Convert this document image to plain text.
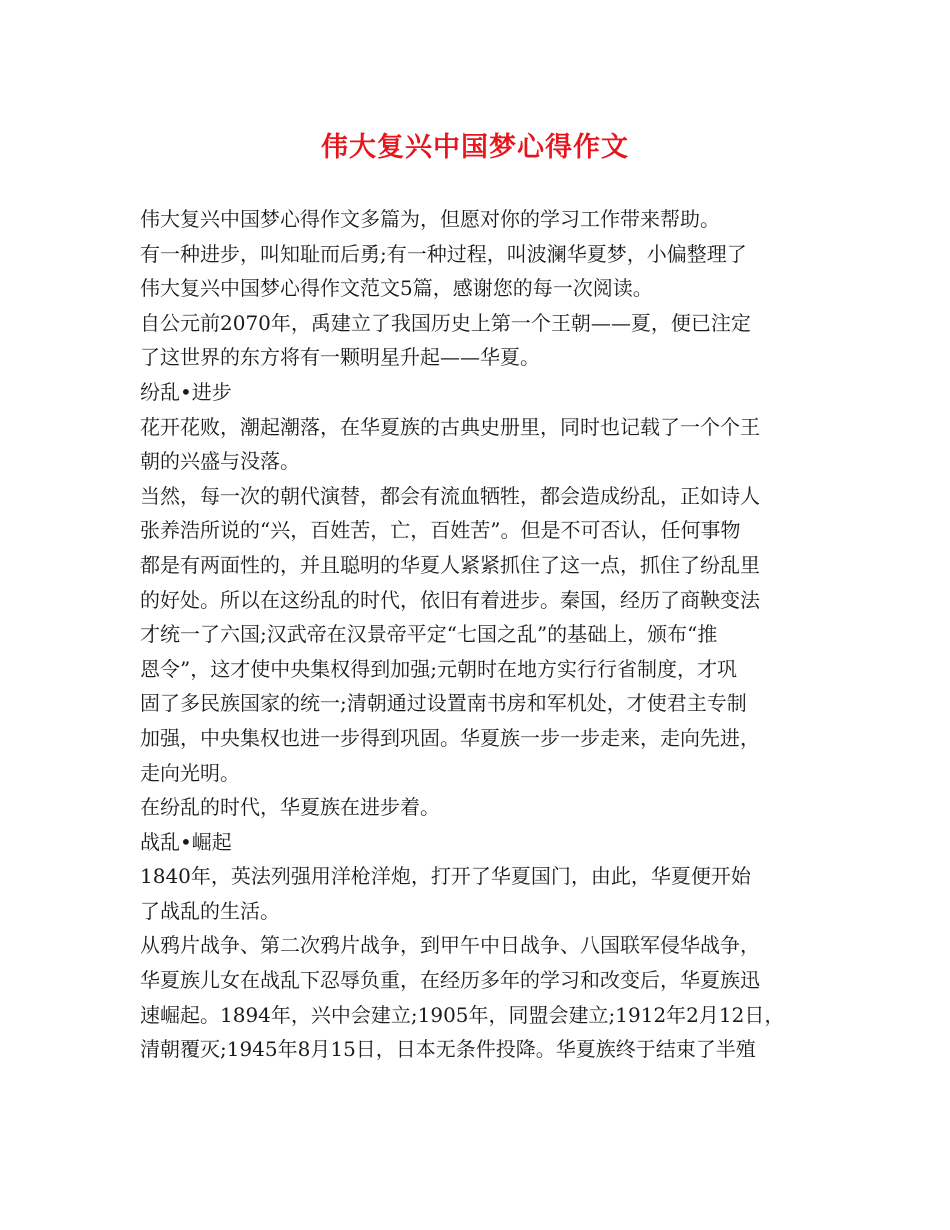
伟大复兴中国梦心得作文
伟大复兴中国梦心得作文多篇为，但愿对你的学习工作带来帮助。
有一种进步，叫知耻而后勇;有一种过程，叫波澜华夏梦，小偏整理了
伟大复兴中国梦心得作文范文5篇，感谢您的每一次阅读。
自公元前2070年，禹建立了我国历史上第一个王朝——夏，便已注定
了这世界的东方将有一颗明星升起——华夏。
纷乱•进步
花开花败，潮起潮落，在华夏族的古典史册里，同时也记载了一个个王
朝的兴盛与没落。
当然，每一次的朝代演替，都会有流血牺牲，都会造成纷乱，正如诗人
张养浩所说的“兴，百姓苦，亡，百姓苦”。但是不可否认，任何事物
都是有两面性的，并且聪明的华夏人紧紧抓住了这一点，抓住了纷乱里
的好处。所以在这纷乱的时代，依旧有着进步。秦国，经历了商鞅变法
才统一了六国;汉武帝在汉景帝平定“七国之乱”的基础上，颁布“推
恩令”，这才使中央集权得到加强;元朝时在地方实行行省制度，才巩
固了多民族国家的统一;清朝通过设置南书房和军机处，才使君主专制
加强，中央集权也进一步得到巩固。华夏族一步一步走来，走向先进，
走向光明。
在纷乱的时代，华夏族在进步着。
战乱•崛起
1840年，英法列强用洋枪洋炮，打开了华夏国门，由此，华夏便开始
了战乱的生活。
从鸦片战争、第二次鸦片战争，到甲午中日战争、八国联军侵华战争，
华夏族儿女在战乱下忍辱负重，在经历多年的学习和改变后，华夏族迅
速崛起。1894年，兴中会建立;1905年，同盟会建立;1912年2月12日，
清朝覆灭;1945年8月15日，日本无条件投降。华夏族终于结束了半殖
